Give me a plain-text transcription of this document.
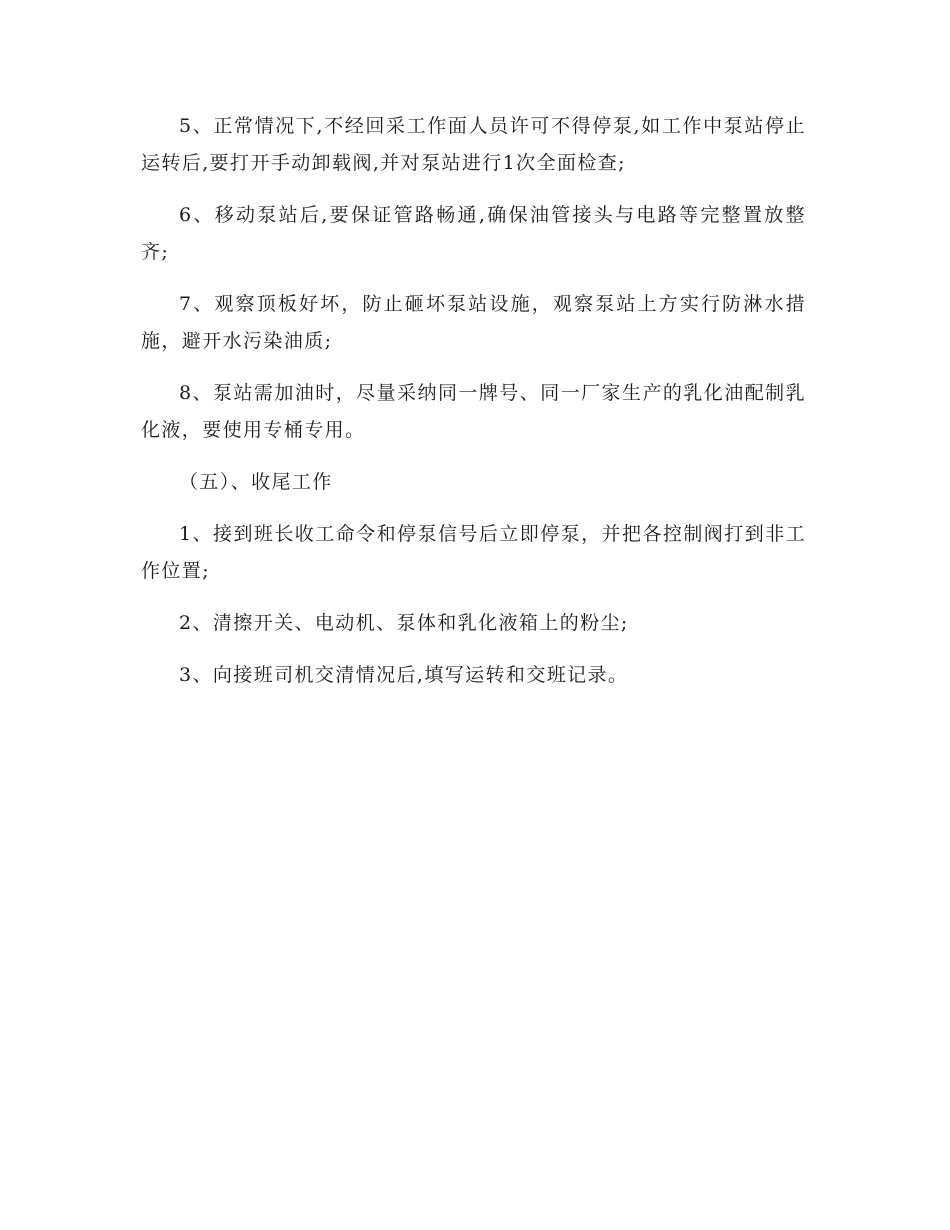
5、正常情况下,不经回采工作面人员许可不得停泵,如工作中泵站停止运转后,要打开手动卸载阀,并对泵站进行1次全面检查;

6、移动泵站后,要保证管路畅通,确保油管接头与电路等完整置放整齐;

7、观察顶板好坏，防止砸坏泵站设施，观察泵站上方实行防淋水措施，避开水污染油质;

8、泵站需加油时，尽量采纳同一牌号、同一厂家生产的乳化油配制乳化液，要使用专桶专用。

（五）、收尾工作

1、接到班长收工命令和停泵信号后立即停泵，并把各控制阀打到非工作位置;

2、清擦开关、电动机、泵体和乳化液箱上的粉尘;

3、向接班司机交清情况后,填写运转和交班记录。
